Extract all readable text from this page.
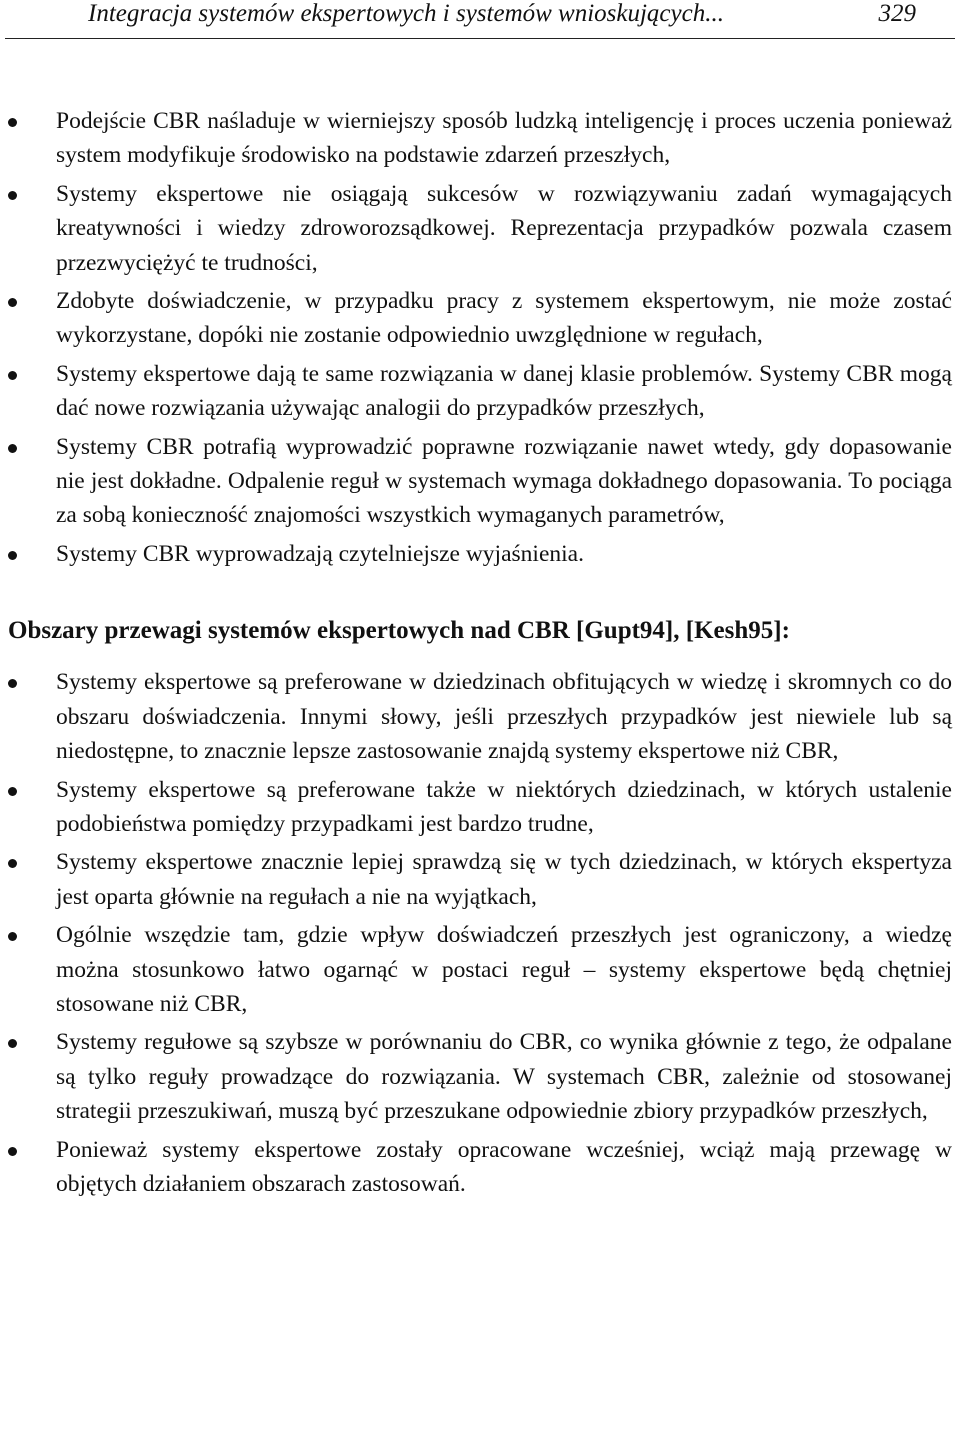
Integracja systemów ekspertowych i systemów wnioskujących...	329
Podejście CBR naśladuje w wierniejszy sposób ludzką inteligencję i proces uczenia ponieważ system modyfikuje środowisko na podstawie zdarzeń przeszłych,
Systemy ekspertowe nie osiągają sukcesów w rozwiązywaniu zadań wymagających kreatywności i wiedzy zdroworozsądkowej. Reprezentacja przypadków pozwala czasem przezwyciężyć te trudności,
Zdobyte doświadczenie, w przypadku pracy z systemem ekspertowym, nie może zostać wykorzystane, dopóki nie zostanie odpowiednio uwzględnione w regułach,
Systemy ekspertowe dają te same rozwiązania w danej klasie problemów. Systemy CBR mogą dać nowe rozwiązania używając analogii do przypadków przeszłych,
Systemy CBR potrafią wyprowadzić poprawne rozwiązanie nawet wtedy, gdy dopasowanie nie jest dokładne. Odpalenie reguł w systemach wymaga dokładnego dopasowania. To pociąga za sobą konieczność znajomości wszystkich wymaganych parametrów,
Systemy CBR wyprowadzają czytelniejsze wyjaśnienia.
Obszary przewagi systemów ekspertowych nad CBR [Gupt94], [Kesh95]:
Systemy ekspertowe są preferowane w dziedzinach obfitujących w wiedzę i skromnych co do obszaru doświadczenia. Innymi słowy, jeśli przeszłych przypadków jest niewiele lub są niedostępne, to znacznie lepsze zastosowanie znajdą systemy ekspertowe niż CBR,
Systemy ekspertowe są preferowane także w niektórych dziedzinach, w których ustalenie podobieństwa pomiędzy przypadkami jest bardzo trudne,
Systemy ekspertowe znacznie lepiej sprawdzą się w tych dziedzinach, w których ekspertyza jest oparta głównie na regułach a nie na wyjątkach,
Ogólnie wszędzie tam, gdzie wpływ doświadczeń przeszłych jest ograniczony, a wiedzę można stosunkowo łatwo ogarnąć w postaci reguł – systemy ekspertowe będą chętniej stosowane niż CBR,
Systemy regułowe są szybsze w porównaniu do CBR, co wynika głównie z tego, że odpalane są tylko reguły prowadzące do rozwiązania. W systemach CBR, zależnie od stosowanej strategii przeszukiwań, muszą być przeszukane odpowiednie zbiory przypadków przeszłych,
Ponieważ systemy ekspertowe zostały opracowane wcześniej, wciąż mają przewagę w objętych działaniem obszarach zastosowań.
